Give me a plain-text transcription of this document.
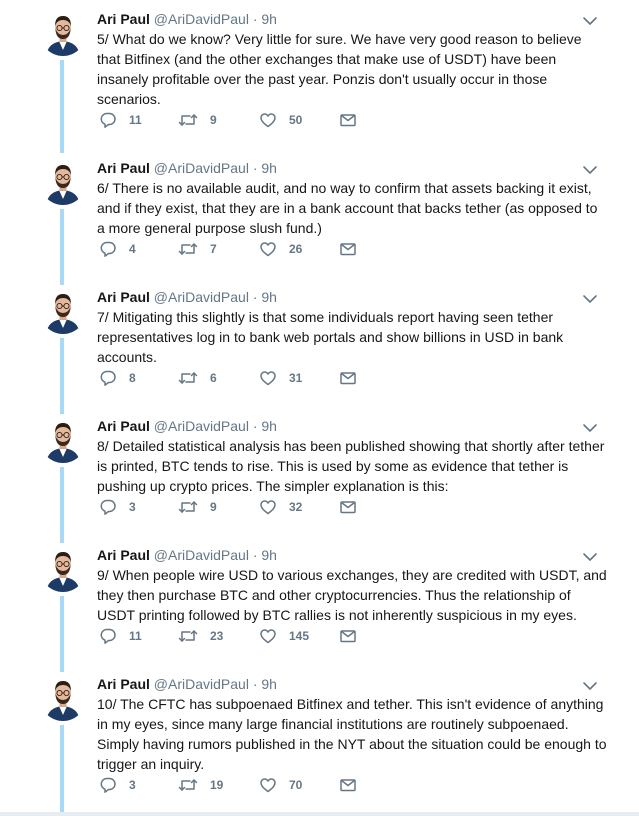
Ari Paul @AriDavidPaul · 9h
5/ What do we know? Very little for sure. We have very good reason to believe that Bitfinex (and the other exchanges that make use of USDT) have been insanely profitable over the past year. Ponzis don't usually occur in those scenarios.
11	9	50
Ari Paul @AriDavidPaul · 9h
6/ There is no available audit, and no way to confirm that assets backing it exist, and if they exist, that they are in a bank account that backs tether (as opposed to a more general purpose slush fund.)
4	7	26
Ari Paul @AriDavidPaul · 9h
7/ Mitigating this slightly is that some individuals report having seen tether representatives log in to bank web portals and show billions in USD in bank accounts.
8	6	31
Ari Paul @AriDavidPaul · 9h
8/ Detailed statistical analysis has been published showing that shortly after tether is printed, BTC tends to rise. This is used by some as evidence that tether is pushing up crypto prices. The simpler explanation is this:
3	9	32
Ari Paul @AriDavidPaul · 9h
9/ When people wire USD to various exchanges, they are credited with USDT, and they then purchase BTC and other cryptocurrencies. Thus the relationship of USDT printing followed by BTC rallies is not inherently suspicious in my eyes.
11	23	145
Ari Paul @AriDavidPaul · 9h
10/ The CFTC has subpoenaed Bitfinex and tether. This isn't evidence of anything in my eyes, since many large financial institutions are routinely subpoenaed. Simply having rumors published in the NYT about the situation could be enough to trigger an inquiry.
3	19	70
